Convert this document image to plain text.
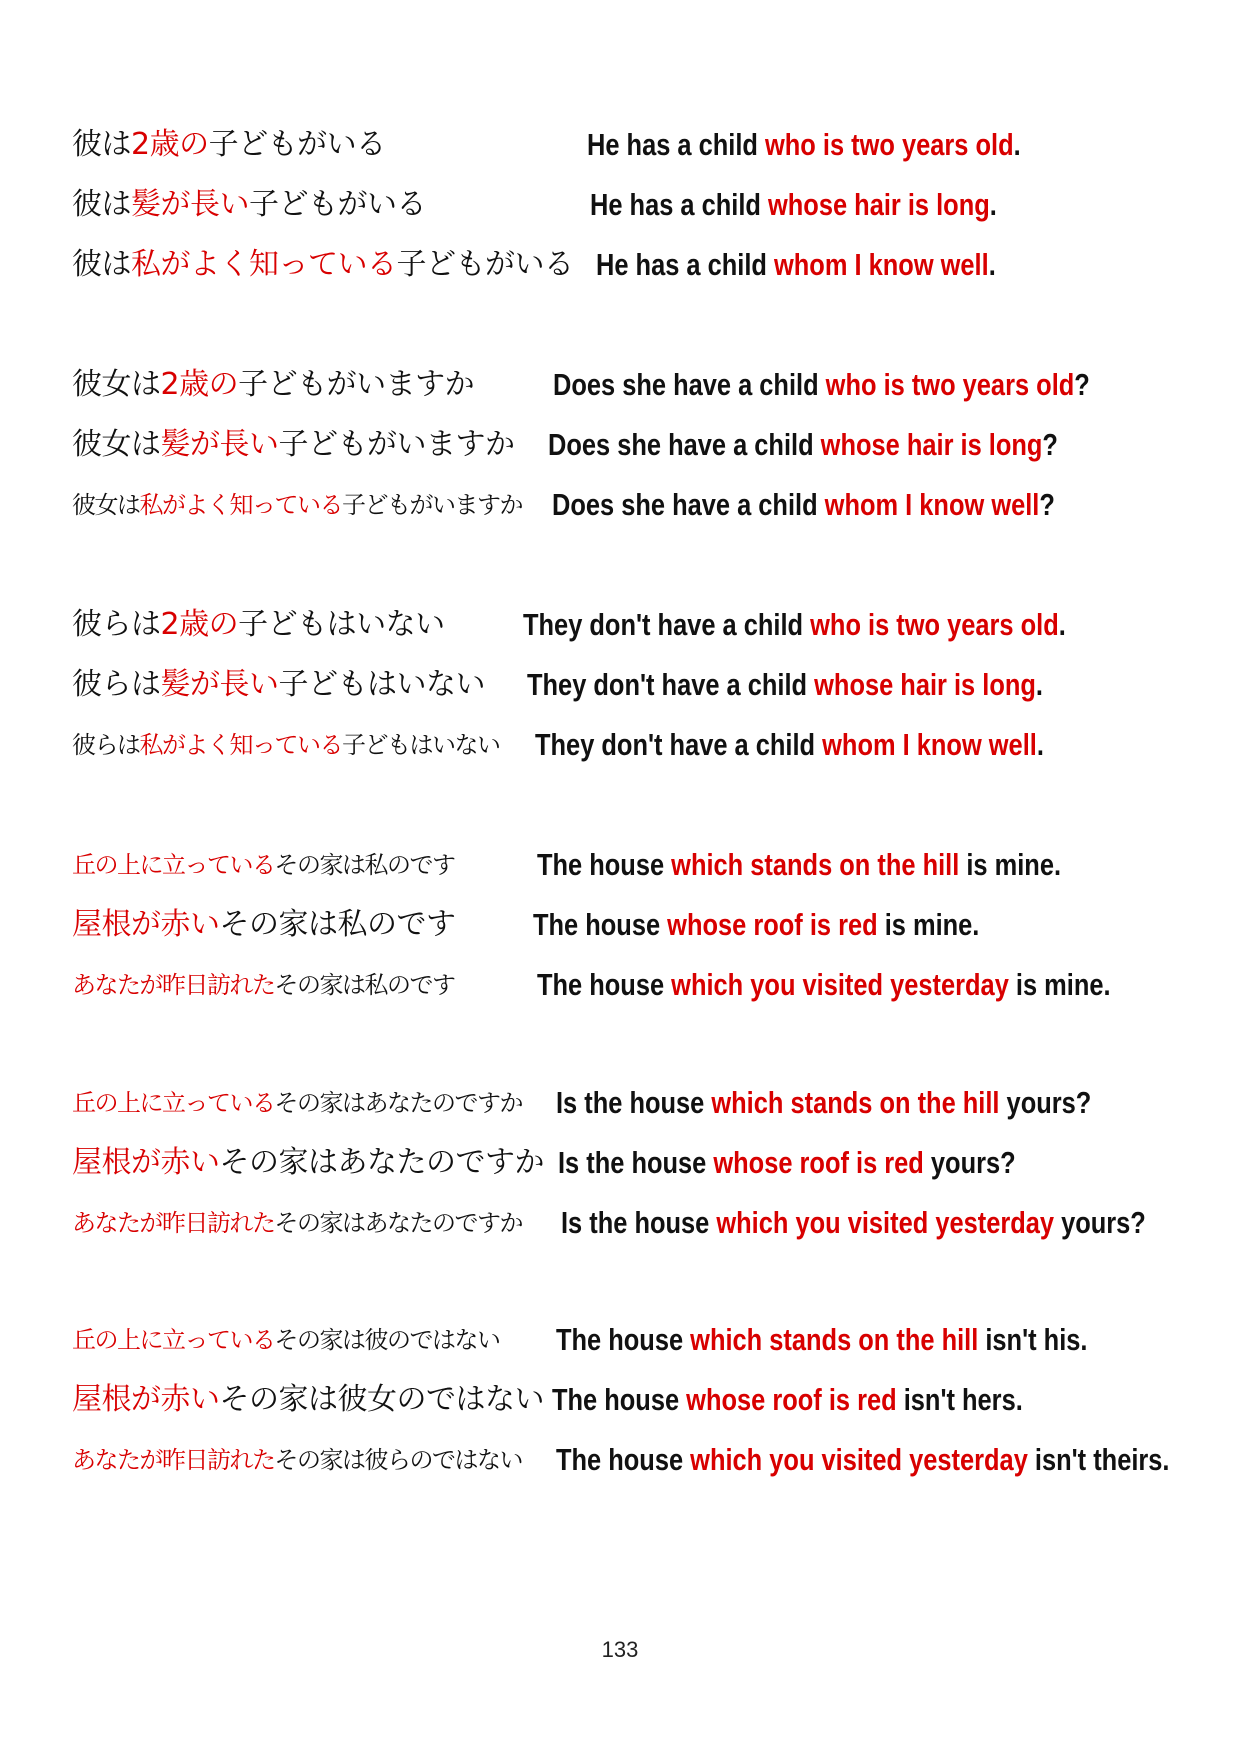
彼は2歳の子どもがいる	He has a child who is two years old.
彼は髪が長い子どもがいる	He has a child whose hair is long.
彼は私がよく知っている子どもがいる He has a child whom I know well.
彼女は2歳の子どもがいますか	Does she have a child who is two years old?
彼女は髪が長い子どもがいますか Does she have a child whose hair is long?
彼女は私がよく知っている子どもがいますか Does she have a child whom I know well?
彼らは2歳の子どもはいない	They don't have a child who is two years old.
彼らは髪が長い子どもはいない They don't have a child whose hair is long.
彼らは私がよく知っている子どもはいない They don't have a child whom I know well.
丘の上に立っているその家は私のです	The house which stands on the hill is mine.
屋根が赤いその家は私のです	The house whose roof is red is mine.
あなたが昨日訪れたその家は私のです	The house which you visited yesterday is mine.
丘の上に立っているその家はあなたのですか Is the house which stands on the hill yours?
屋根が赤いその家はあなたのですか Is the house whose roof is red yours?
あなたが昨日訪れたその家はあなたのですか Is the house which you visited yesterday yours?
丘の上に立っているその家は彼のではない The house which stands on the hill isn't his.
屋根が赤いその家は彼女のではない The house whose roof is red isn't hers.
あなたが昨日訪れたその家は彼らのではない The house which you visited yesterday isn't theirs.
133
